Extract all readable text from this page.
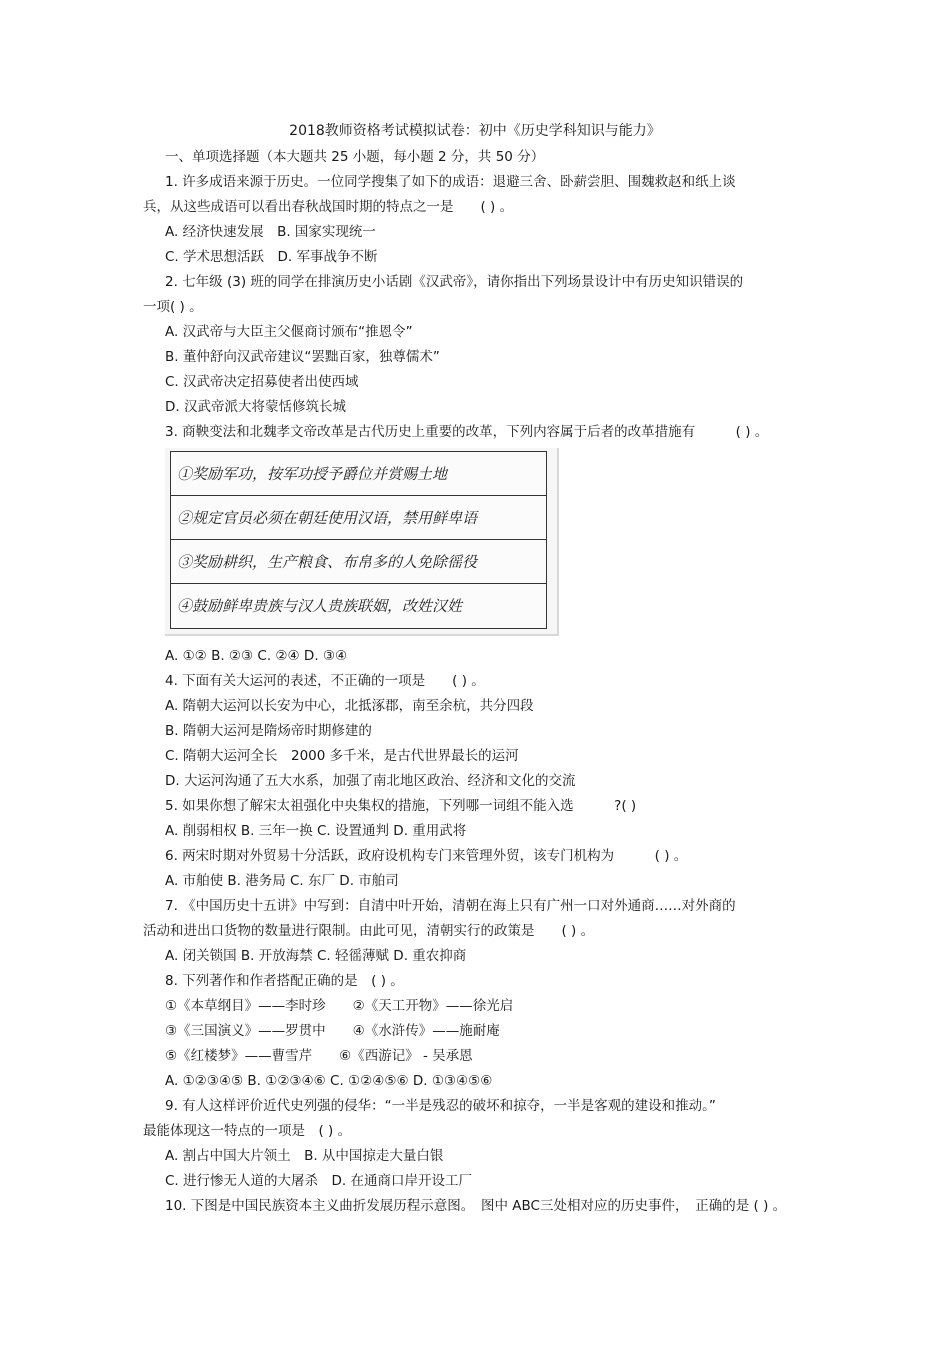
2018教师资格考试模拟试卷：初中《历史学科知识与能力》
一、单项选择题（本大题共 25 小题，每小题 2 分，共 50 分）
1. 许多成语来源于历史。一位同学搜集了如下的成语：退避三舍、卧薪尝胆、围魏救赵和纸上谈
兵，从这些成语可以看出春秋战国时期的特点之一是　　( ) 。
A. 经济快速发展　B. 国家实现统一
C. 学术思想活跃　D. 军事战争不断
2. 七年级 (3) 班的同学在排演历史小话剧《汉武帝》，请你指出下列场景设计中有历史知识错误的
一项( ) 。
A. 汉武帝与大臣主父偃商讨颁布“推恩令”
B. 董仲舒向汉武帝建议“罢黜百家，独尊儒术”
C. 汉武帝决定招募使者出使西域
D. 汉武帝派大将蒙恬修筑长城
3. 商鞅变法和北魏孝文帝改革是古代历史上重要的改革，下列内容属于后者的改革措施有　　　( ) 。
①奖励军功，按军功授予爵位并赏赐土地
②规定官员必须在朝廷使用汉语，禁用鲜卑语
③奖励耕织，生产粮食、布帛多的人免除徭役
④鼓励鲜卑贵族与汉人贵族联姻，改姓汉姓
A. ①② B. ②③ C. ②④ D. ③④
4. 下面有关大运河的表述，不正确的一项是　　( ) 。
A. 隋朝大运河以长安为中心，北抵涿郡，南至余杭，共分四段
B. 隋朝大运河是隋炀帝时期修建的
C. 隋朝大运河全长　2000 多千米，是古代世界最长的运河
D. 大运河沟通了五大水系，加强了南北地区政治、经济和文化的交流
5. 如果你想了解宋太祖强化中央集权的措施，下列哪一词组不能入选　　　?( )
A. 削弱相权 B. 三年一换 C. 设置通判 D. 重用武将
6. 两宋时期对外贸易十分活跃，政府设机构专门来管理外贸，该专门机构为　　　( ) 。
A. 市舶使 B. 港务局 C. 东厂 D. 市舶司
7. 《中国历史十五讲》中写到：自清中叶开始，清朝在海上只有广州一口对外通商……对外商的
活动和进出口货物的数量进行限制。由此可见，清朝实行的政策是　　( ) 。
A. 闭关锁国 B. 开放海禁 C. 轻徭薄赋 D. 重农抑商
8. 下列著作和作者搭配正确的是　( ) 。
①《本草纲目》——李时珍　　②《天工开物》——徐光启
③《三国演义》——罗贯中　　④《水浒传》——施耐庵
⑤《红楼梦》——曹雪芹　　⑥《西游记》 - 吴承恩
A. ①②③④⑤ B. ①②③④⑥ C. ①②④⑤⑥ D. ①③④⑤⑥
9. 有人这样评价近代史列强的侵华：“一半是残忍的破坏和掠夺，一半是客观的建设和推动。”
最能体现这一特点的一项是　( ) 。
A. 割占中国大片领土　B. 从中国掠走大量白银
C. 进行惨无人道的大屠杀　D. 在通商口岸开设工厂
10. 下图是中国民族资本主义曲折发展历程示意图。　图中 ABC三处相对应的历史事件，　正确的是 ( ) 。
